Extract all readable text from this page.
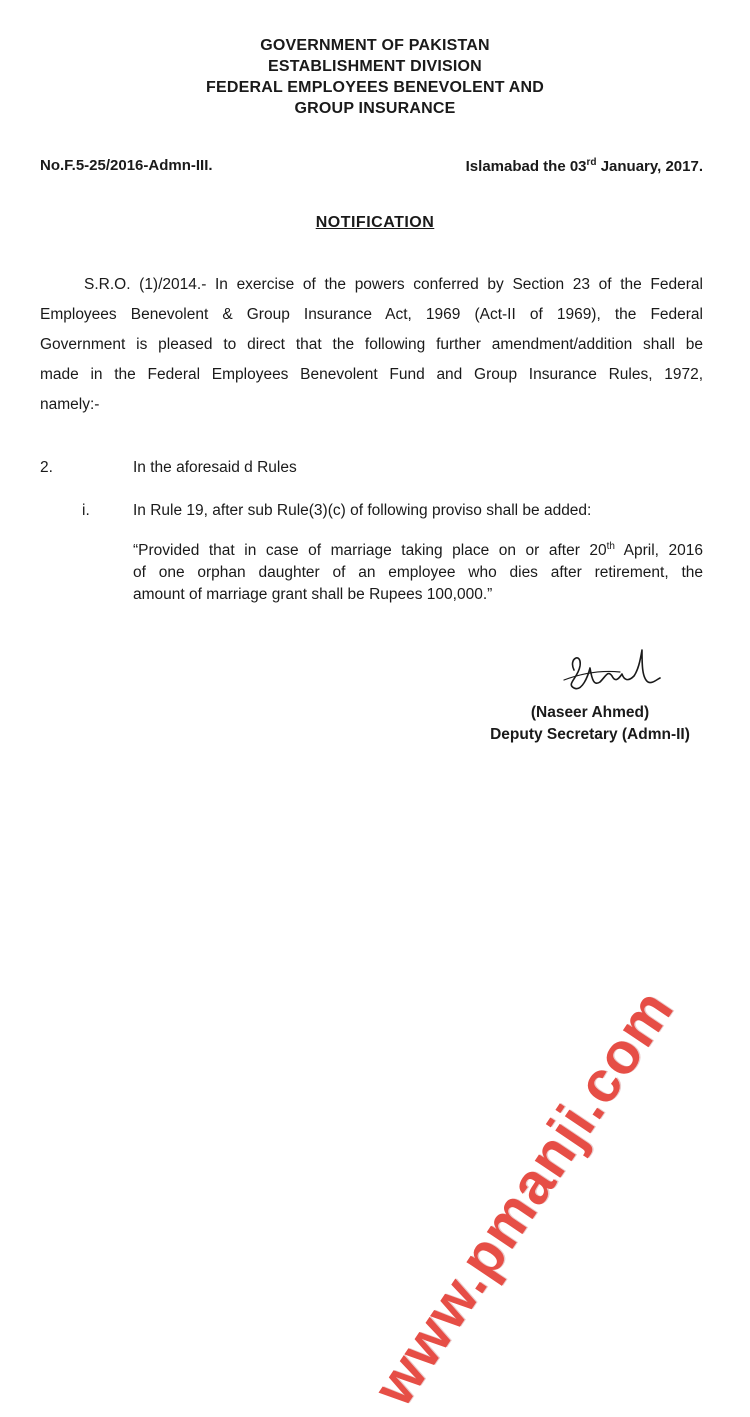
GOVERNMENT OF PAKISTAN
ESTABLISHMENT DIVISION
FEDERAL EMPLOYEES BENEVOLENT AND
GROUP INSURANCE
No.F.5-25/2016-Admn-III.	Islamabad the 03rd January, 2017.
NOTIFICATION
S.R.O. (1)/2014.- In exercise of the powers conferred by Section 23 of the Federal
Employees Benevolent & Group Insurance Act, 1969 (Act-II of 1969), the Federal
Government is pleased to direct that the following further amendment/addition shall be
made in the Federal Employees Benevolent Fund and Group Insurance Rules, 1972,
namely:-
2.	In the aforesaid d Rules
i.	In Rule 19, after sub Rule(3)(c) of following proviso shall be added:
“Provided that in case of marriage taking place on or after 20th April, 2016
of one orphan daughter of an employee who dies after retirement, the
amount of marriage grant shall be Rupees 100,000.”
(Naseer Ahmed)
Deputy Secretary (Admn-II)
www.pmanji.com
